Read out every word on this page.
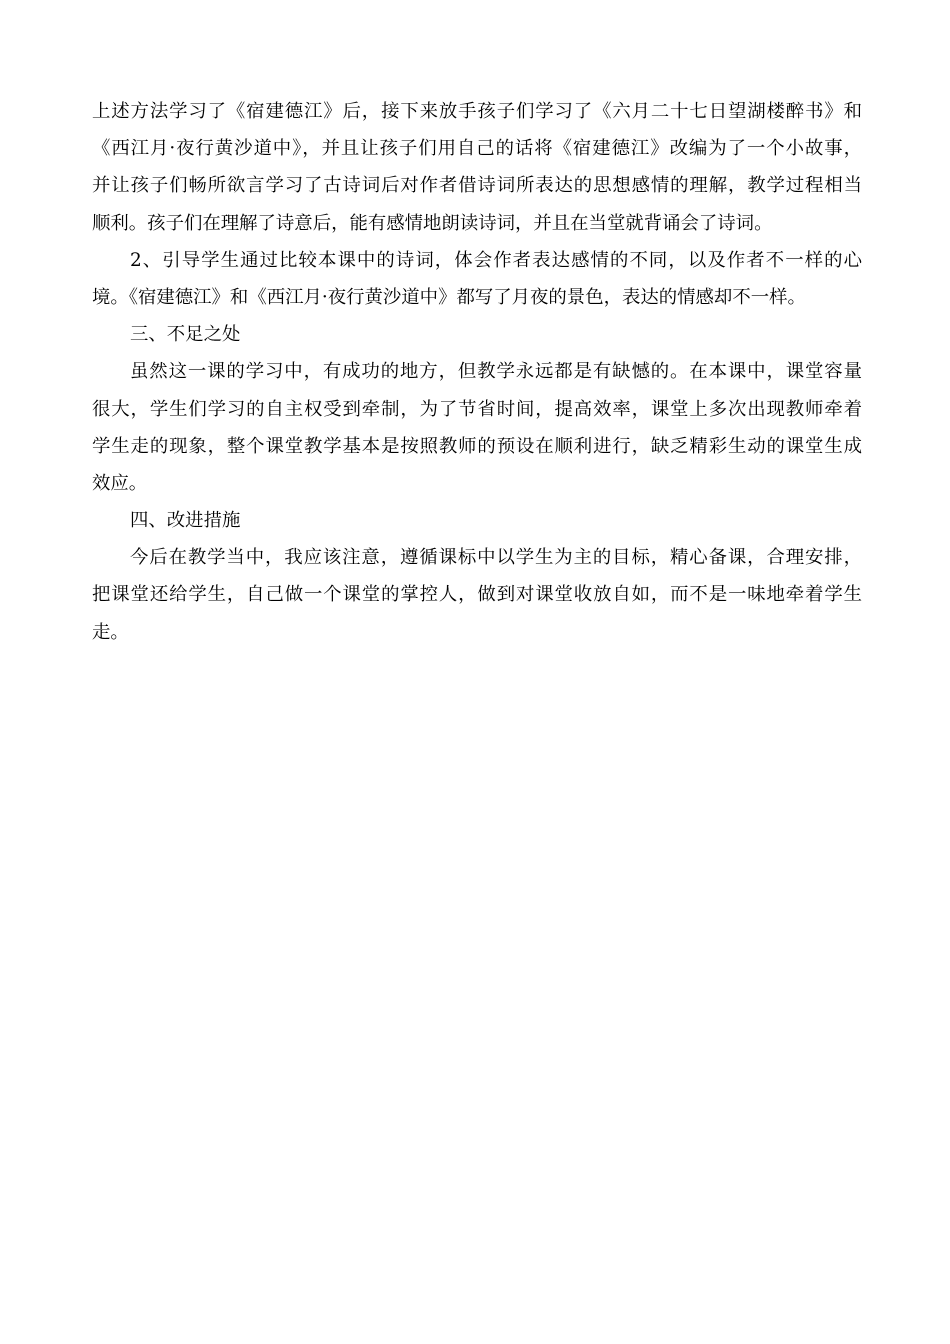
上述方法学习了《宿建德江》后，接下来放手孩子们学习了《六月二十七日望湖楼醉书》和
《西江月·夜行黄沙道中》，并且让孩子们用自己的话将《宿建德江》改编为了一个小故事，
并让孩子们畅所欲言学习了古诗词后对作者借诗词所表达的思想感情的理解，教学过程相当
顺利。孩子们在理解了诗意后，能有感情地朗读诗词，并且在当堂就背诵会了诗词。
2、引导学生通过比较本课中的诗词，体会作者表达感情的不同，以及作者不一样的心
境。《宿建德江》和《西江月·夜行黄沙道中》都写了月夜的景色，表达的情感却不一样。
三、不足之处
虽然这一课的学习中，有成功的地方，但教学永远都是有缺憾的。在本课中，课堂容量
很大，学生们学习的自主权受到牵制，为了节省时间，提高效率，课堂上多次出现教师牵着
学生走的现象，整个课堂教学基本是按照教师的预设在顺利进行，缺乏精彩生动的课堂生成
效应。
四、改进措施
今后在教学当中，我应该注意，遵循课标中以学生为主的目标，精心备课，合理安排，
把课堂还给学生，自己做一个课堂的掌控人，做到对课堂收放自如，而不是一味地牵着学生
走。
